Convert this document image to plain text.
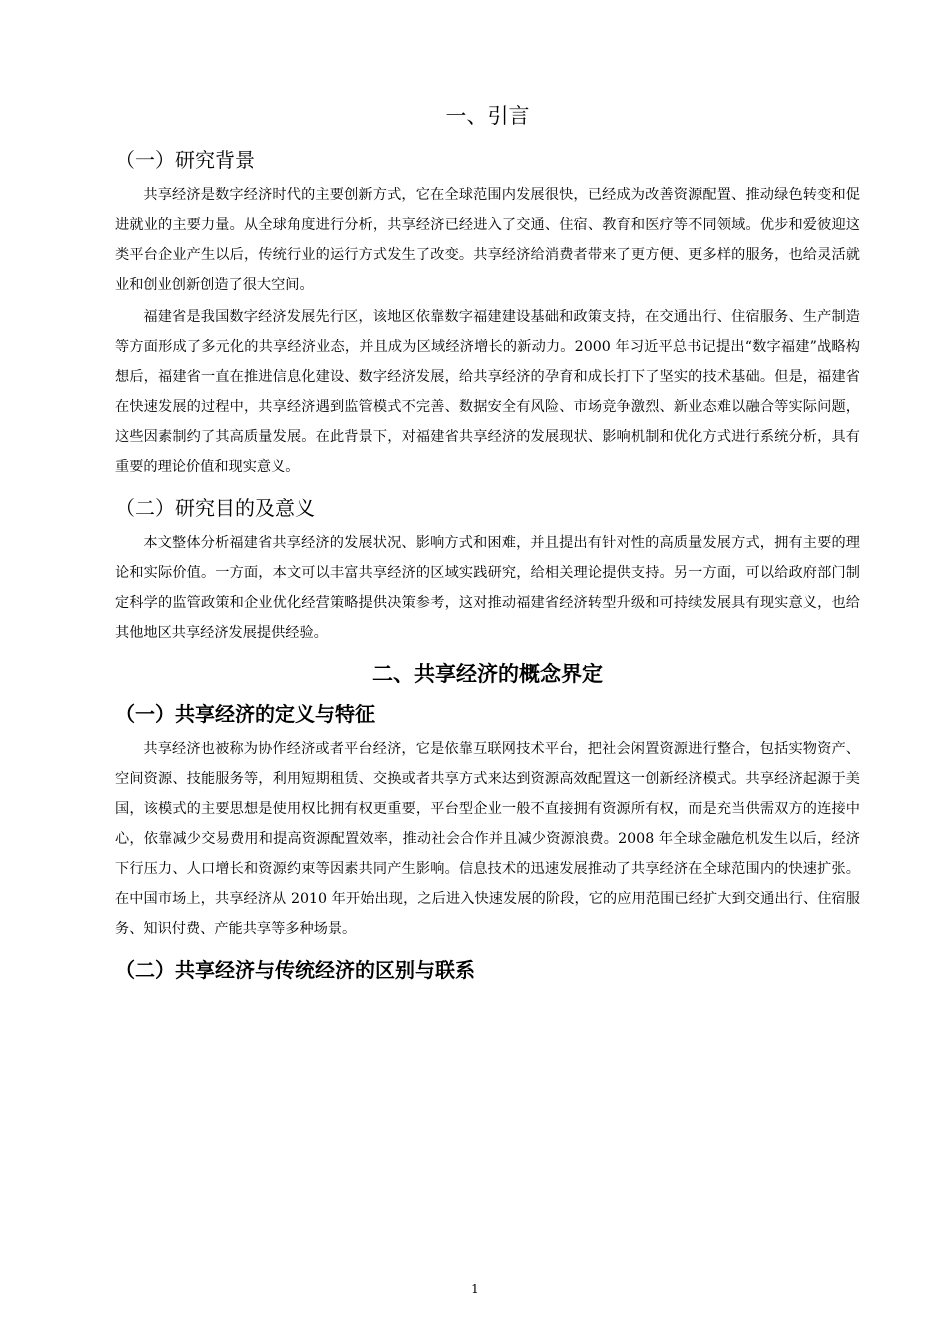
一、引言
（一）研究背景

共享经济是数字经济时代的主要创新方式，它在全球范围内发展很快，已经成为改善资源配置、推动绿色转变和促进就业的主要力量。从全球角度进行分析，共享经济已经进入了交通、住宿、教育和医疗等不同领域。优步和爱彼迎这类平台企业产生以后，传统行业的运行方式发生了改变。共享经济给消费者带来了更方便、更多样的服务，也给灵活就业和创业创新创造了很大空间。

福建省是我国数字经济发展先行区，该地区依靠数字福建建设基础和政策支持，在交通出行、住宿服务、生产制造等方面形成了多元化的共享经济业态，并且成为区域经济增长的新动力。2000 年习近平总书记提出“数字福建”战略构想后，福建省一直在推进信息化建设、数字经济发展，给共享经济的孕育和成长打下了坚实的技术基础。但是，福建省在快速发展的过程中，共享经济遇到监管模式不完善、数据安全有风险、市场竞争激烈、新业态难以融合等实际问题，这些因素制约了其高质量发展。在此背景下，对福建省共享经济的发展现状、影响机制和优化方式进行系统分析，具有重要的理论价值和现实意义。

（二）研究目的及意义

本文整体分析福建省共享经济的发展状况、影响方式和困难，并且提出有针对性的高质量发展方式，拥有主要的理论和实际价值。一方面，本文可以丰富共享经济的区域实践研究，给相关理论提供支持。另一方面，可以给政府部门制定科学的监管政策和企业优化经营策略提供决策参考，这对推动福建省经济转型升级和可持续发展具有现实意义，也给其他地区共享经济发展提供经验。

二、共享经济的概念界定
（一）共享经济的定义与特征

共享经济也被称为协作经济或者平台经济，它是依靠互联网技术平台，把社会闲置资源进行整合，包括实物资产、空间资源、技能服务等，利用短期租赁、交换或者共享方式来达到资源高效配置这一创新经济模式。共享经济起源于美国，该模式的主要思想是使用权比拥有权更重要，平台型企业一般不直接拥有资源所有权，而是充当供需双方的连接中心，依靠减少交易费用和提高资源配置效率，推动社会合作并且减少资源浪费。2008 年全球金融危机发生以后，经济下行压力、人口增长和资源约束等因素共同产生影响。信息技术的迅速发展推动了共享经济在全球范围内的快速扩张。在中国市场上，共享经济从 2010 年开始出现，之后进入快速发展的阶段，它的应用范围已经扩大到交通出行、住宿服务、知识付费、产能共享等多种场景。

（二）共享经济与传统经济的区别与联系
1
